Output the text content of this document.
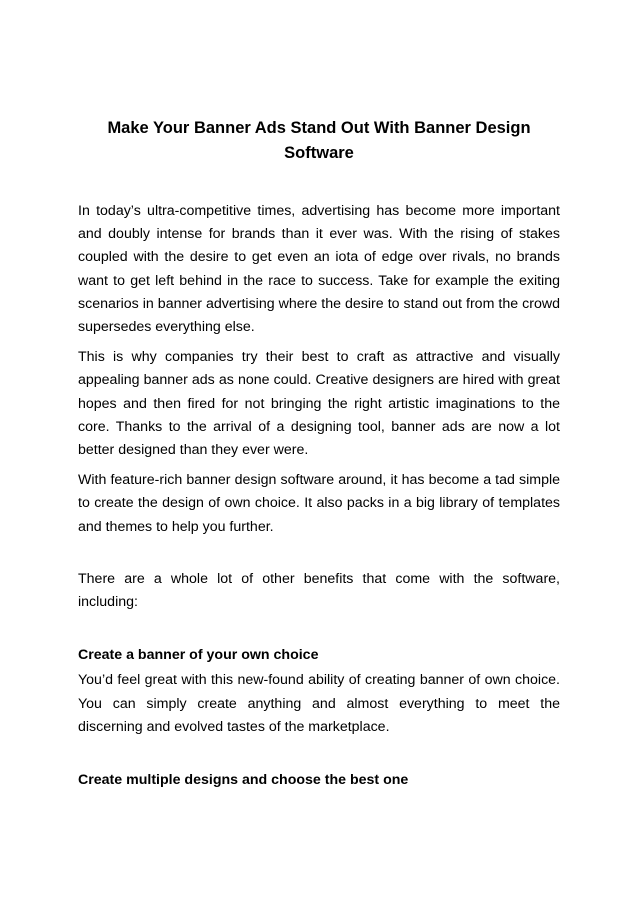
Make Your Banner Ads Stand Out With Banner Design Software

In today’s ultra-competitive times, advertising has become more important and doubly intense for brands than it ever was. With the rising of stakes coupled with the desire to get even an iota of edge over rivals, no brands want to get left behind in the race to success. Take for example the exiting scenarios in banner advertising where the desire to stand out from the crowd supersedes everything else.

This is why companies try their best to craft as attractive and visually appealing banner ads as none could. Creative designers are hired with great hopes and then fired for not bringing the right artistic imaginations to the core. Thanks to the arrival of a designing tool, banner ads are now a lot better designed than they ever were.

With feature-rich banner design software around, it has become a tad simple to create the design of own choice. It also packs in a big library of templates and themes to help you further.

There are a whole lot of other benefits that come with the software, including:

Create a banner of your own choice

You’d feel great with this new-found ability of creating banner of own choice. You can simply create anything and almost everything to meet the discerning and evolved tastes of the marketplace.

Create multiple designs and choose the best one
